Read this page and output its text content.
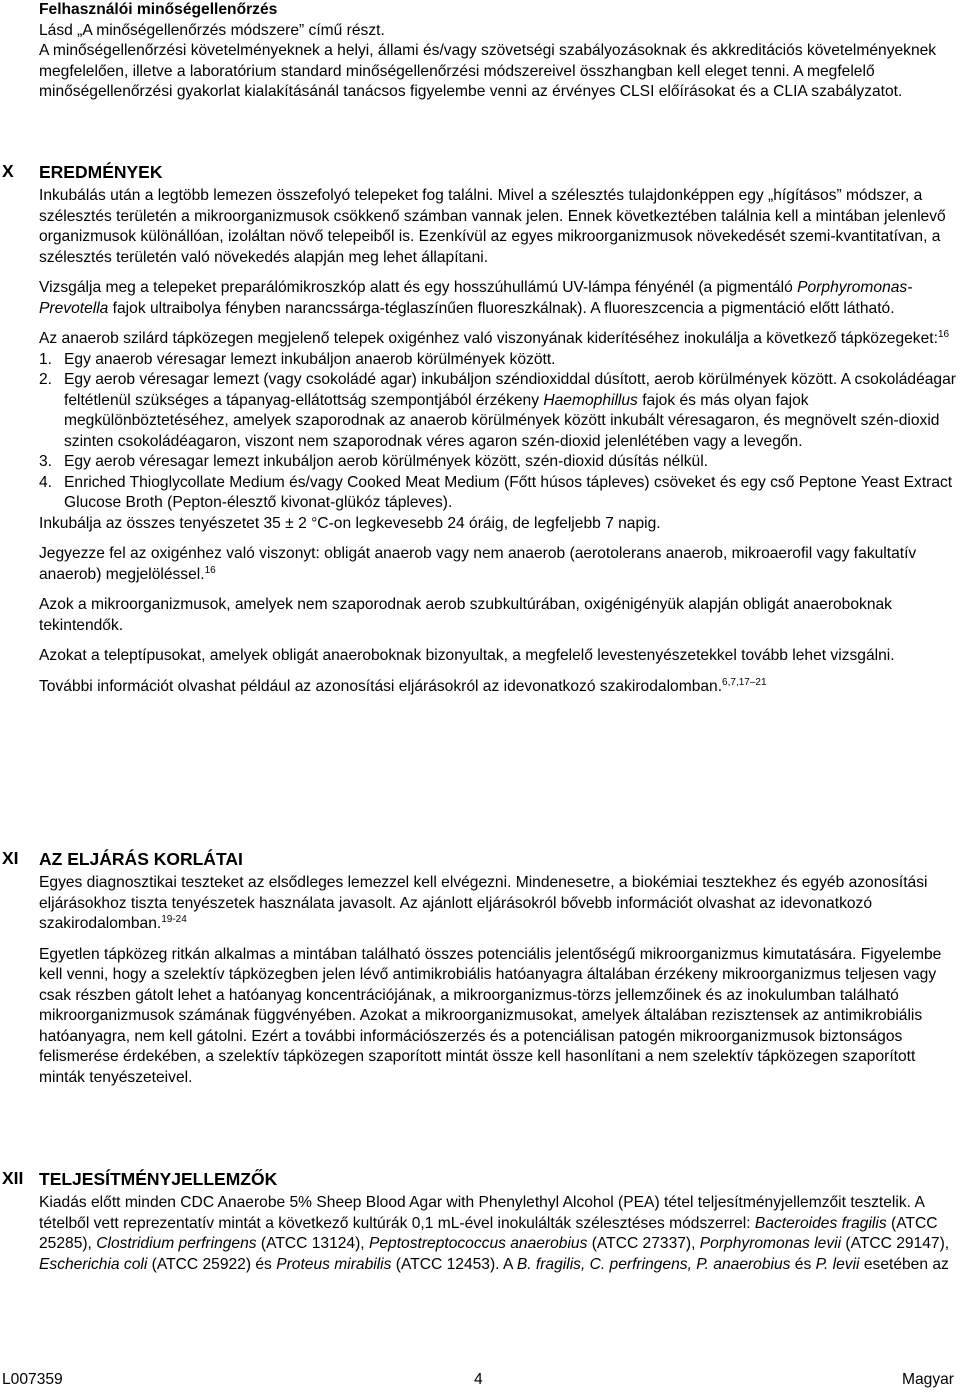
Felhasználói minőségellenőrzés

Lásd „A minőségellenőrzés módszere” című részt.

A minőségellenőrzési követelményeknek a helyi, állami és/vagy szövetségi szabályozásoknak és akkreditációs követelményeknek megfelelően, illetve a laboratórium standard minőségellenőrzési módszereivel összhangban kell eleget tenni. A megfelelő minőségellenőrzési gyakorlat kialakításánál tanácsos figyelembe venni az érvényes CLSI előírásokat és a CLIA szabályzatot.

X EREDMÉNYEK

Inkubálás után a legtöbb lemezen összefolyó telepeket fog találni. Mivel a szélesztés tulajdonképpen egy „hígításos” módszer, a szélesztés területén a mikroorganizmusok csökkenő számban vannak jelen. Ennek következtében találnia kell a mintában jelenlevő organizmusok különállóan, izoláltan növő telepeiből is. Ezenkívül az egyes mikroorganizmusok növekedését szemi-kvantitatívan, a szélesztés területén való növekedés alapján meg lehet állapítani.

Vizsgálja meg a telepeket preparálómikroszkóp alatt és egy hosszúhullámú UV-lámpa fényénél (a pigmentáló Porphyromonas-Prevotella fajok ultraibolya fényben narancssárga-téglaszínűen fluoreszkálnak). A fluoreszcencia a pigmentáció előtt látható.

Az anaerob szilárd tápközegen megjelenő telepek oxigénhez való viszonyának kiderítéséhez inokulálja a következő tápközegeket:$^{16}$

1. Egy anaerob véresagar lemezt inkubáljon anaerob körülmények között.
2. Egy aerob véresagar lemezt (vagy csokoládé agar) inkubáljon széndioxiddal dúsított, aerob körülmények között. A csokoládéagar feltétlenül szükséges a tápanyag-ellátottság szempontjából érzékeny Haemophillus fajok és más olyan fajok megkülönböztetéséhez, amelyek szaporodnak az anaerob körülmények között inkubált véresagaron, és megnövelt szén-dioxid szinten csokoládéagaron, viszont nem szaporodnak véres agaron szén-dioxid jelenlétében vagy a levegőn.
3. Egy aerob véresagar lemezt inkubáljon aerob körülmények között, szén-dioxid dúsítás nélkül.
4. Enriched Thioglycollate Medium és/vagy Cooked Meat Medium (Főtt húsos tápleves) csöveket és egy cső Peptone Yeast Extract Glucose Broth (Pepton-élesztő kivonat-glükóz tápleves).

Inkubálja az összes tenyészetet 35 ± 2 °C-on legkevesebb 24 óráig, de legfeljebb 7 napig.

Jegyezze fel az oxigénhez való viszonyt: obligát anaerob vagy nem anaerob (aerotolerans anaerob, mikroaerofil vagy fakultatív anaerob) megjelöléssel.$^{16}$

Azok a mikroorganizmusok, amelyek nem szaporodnak aerob szubkultúrában, oxigénigényük alapján obligát anaeroboknak tekintendők.

Azokat a teleptípusokat, amelyek obligát anaeroboknak bizonyultak, a megfelelő levestenyészetekkel tovább lehet vizsgálni.

További információt olvashat például az azonosítási eljárásokról az idevonatkozó szakirodalomban.$^{6,7,17-21}$

XI AZ ELJÁRÁS KORLÁTAI

Egyes diagnosztikai teszteket az elsődleges lemezzel kell elvégezni. Mindenesetre, a biokémiai tesztekhez és egyéb azonosítási eljárásokhoz tiszta tenyészetek használata javasolt. Az ajánlott eljárásokról bővebb információt olvashat az idevonatkozó szakirodalomban.$^{19-24}$

Egyetlen tápközeg ritkán alkalmas a mintában található összes potenciális jelentőségű mikroorganizmus kimutatására. Figyelembe kell venni, hogy a szelektív tápközegben jelen lévő antimikrobiális hatóanyagra általában érzékeny mikroorganizmus teljesen vagy csak részben gátolt lehet a hatóanyag koncentrációjának, a mikroorganizmus-törzs jellemzőinek és az inokulumban található mikroorganizmusok számának függvényében. Azokat a mikroorganizmusokat, amelyek általában rezisztensek az antimikrobiális hatóanyagra, nem kell gátolni. Ezért a további információszerzés és a potenciálisan patogén mikroorganizmusok biztonságos felismerése érdekében, a szelektív tápközegen szaporított mintát össze kell hasonlítani a nem szelektív tápközegen szaporított minták tenyészeteivel.

XII TELJESÍTMÉNYJELLEMZŐK

Kiadás előtt minden CDC Anaerobe 5% Sheep Blood Agar with Phenylethyl Alcohol (PEA) tétel teljesítményjellemzőit tesztelik. A tételből vett reprezentatív mintát a következő kultúrák 0,1 mL-ével inokulálták szélesztéses módszerrel: Bacteroides fragilis (ATCC 25285), Clostridium perfringens (ATCC 13124), Peptostreptococcus anaerobius (ATCC 27337), Porphyromonas levii (ATCC 29147), Escherichia coli (ATCC 25922) és Proteus mirabilis (ATCC 12453). A B. fragilis, C. perfringens, P. anaerobius és P. levii esetében az

L007359	4	Magyar
